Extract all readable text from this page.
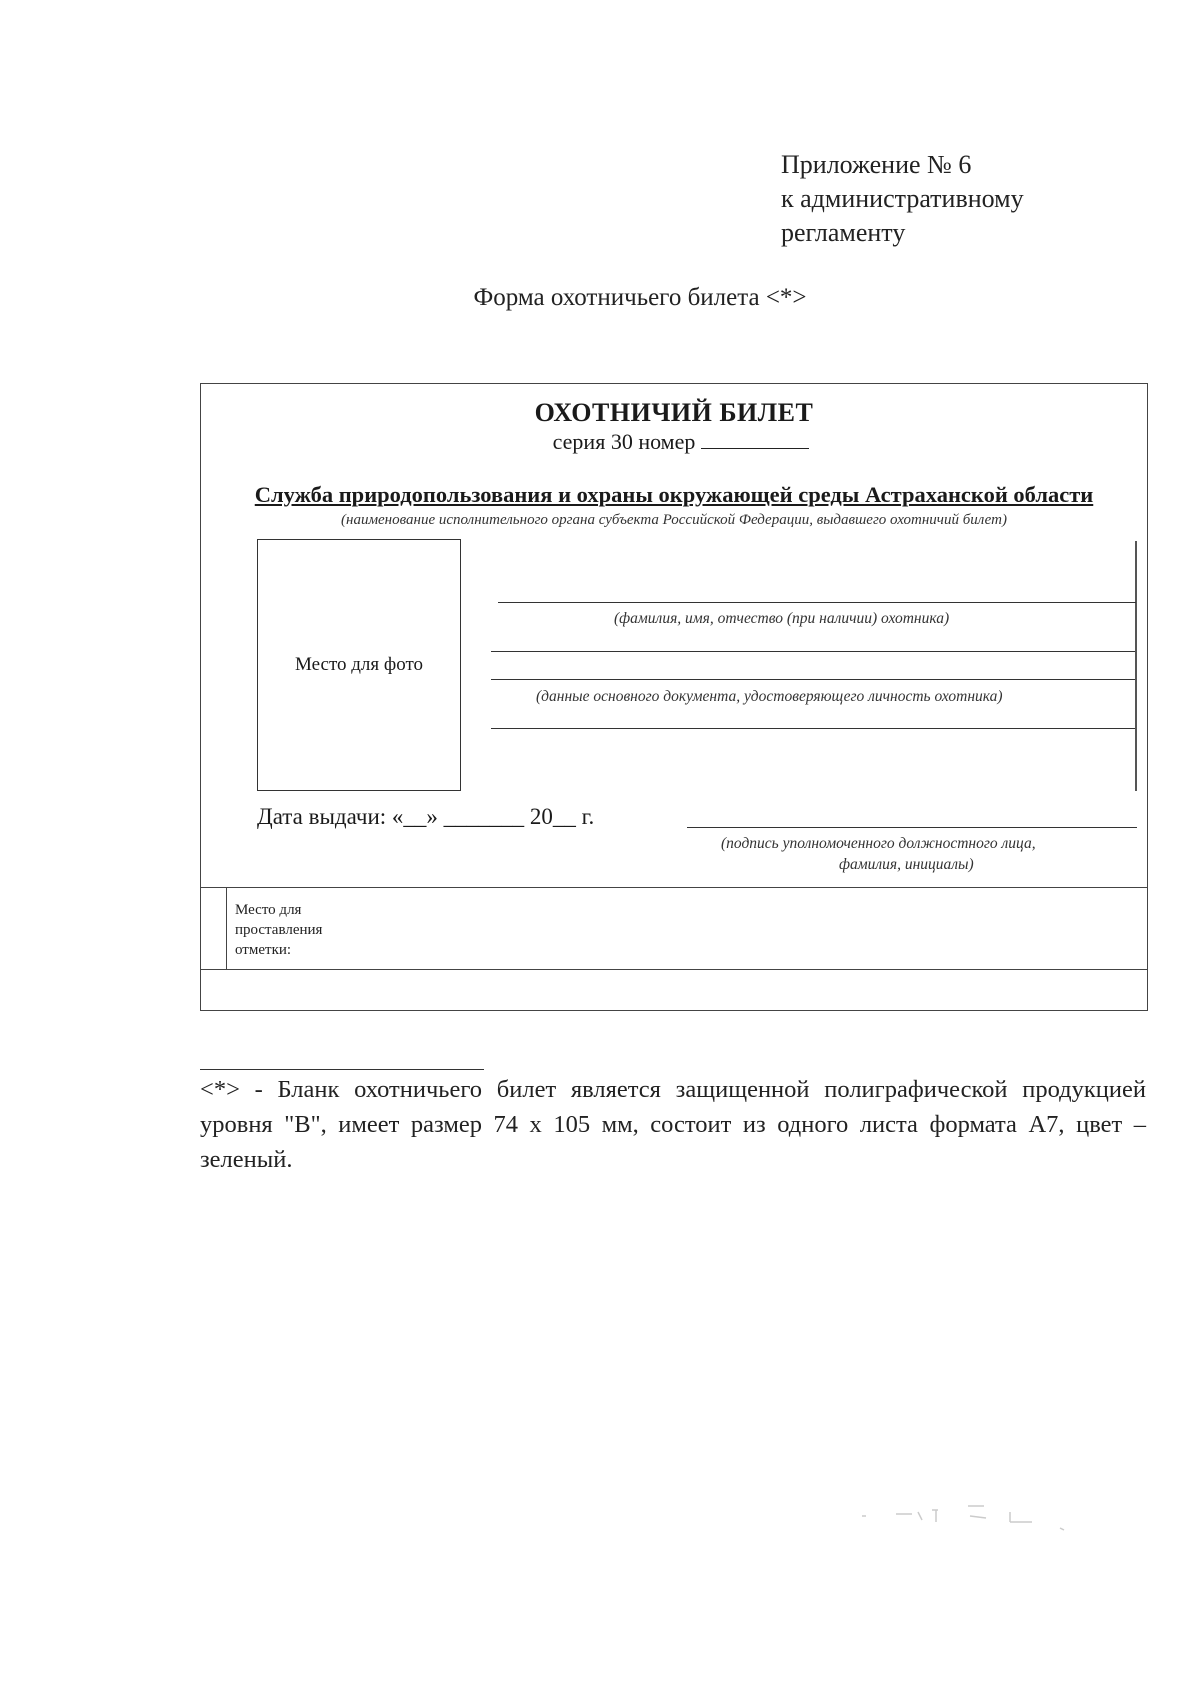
Приложение № 6
к административному
регламенту
Форма охотничьего билета <*>
ОХОТНИЧИЙ БИЛЕТ
серия 30 номер
Служба природопользования и охраны окружающей среды Астраханской области
(наименование исполнительного органа субъекта Российской Федерации, выдавшего охотничий билет)
Место для фото
(фамилия, имя, отчество (при наличии) охотника)
(данные основного документа, удостоверяющего личность охотника)
Дата выдачи: «__» _______ 20__ г.
(подпись уполномоченного должностного лица,
фамилия, инициалы)
Место для
проставления
отметки:
<*> - Бланк охотничьего билет является защищенной полиграфической продукцией уровня "В", имеет размер 74 х 105 мм, состоит из одного листа формата А7, цвет – зеленый.
